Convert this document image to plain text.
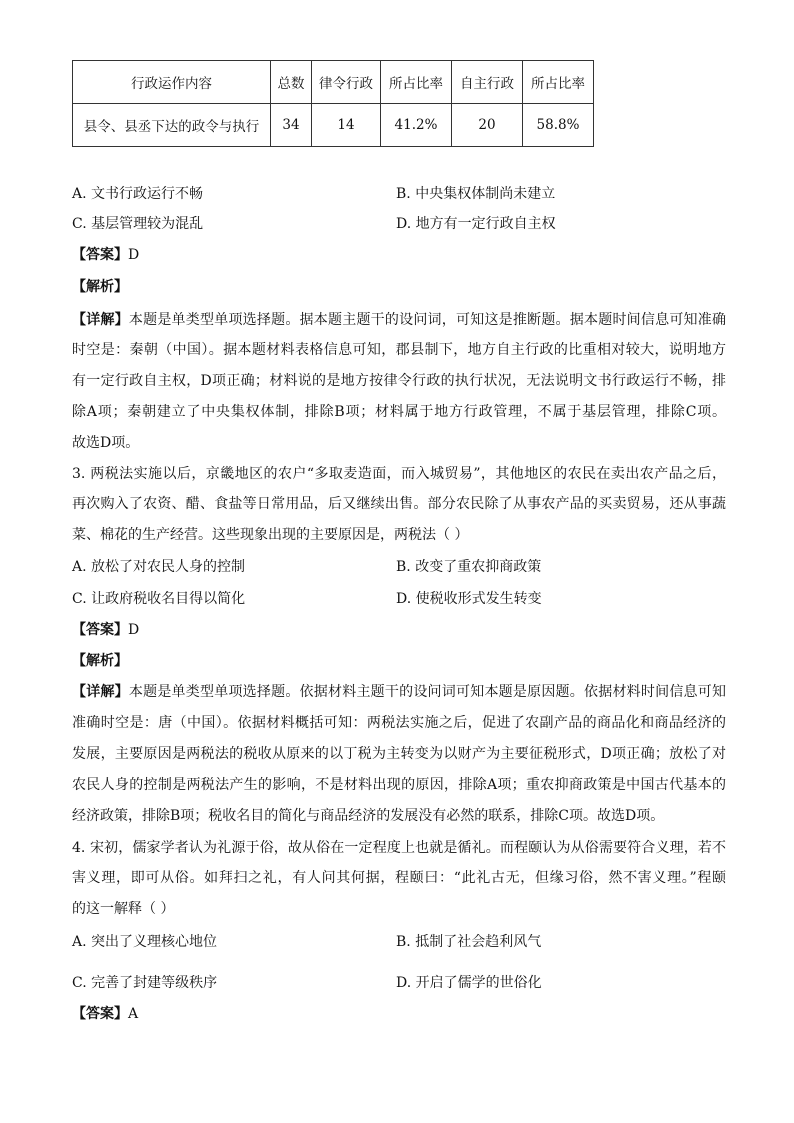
行政运作内容	总数	律令行政	所占比率	自主行政	所占比率
县令、县丞下达的政令与执行	34	14	41.2%	20	58.8%
A. 文书行政运行不畅	B. 中央集权体制尚未建立
C. 基层管理较为混乱	D. 地方有一定行政自主权
【答案】D
【解析】
【详解】本题是单类型单项选择题。据本题主题干的设问词，可知这是推断题。据本题时间信息可知准确
时空是：秦朝（中国）。据本题材料表格信息可知，郡县制下，地方自主行政的比重相对较大，说明地方
有一定行政自主权，D项正确；材料说的是地方按律令行政的执行状况，无法说明文书行政运行不畅，排
除A项；秦朝建立了中央集权体制，排除B项；材料属于地方行政管理，不属于基层管理，排除C项。
故选D项。
3. 两税法实施以后，京畿地区的农户“多取麦造面，而入城贸易”，其他地区的农民在卖出农产品之后，
再次购入了农资、醋、食盐等日常用品，后又继续出售。部分农民除了从事农产品的买卖贸易，还从事蔬
菜、棉花的生产经营。这些现象出现的主要原因是，两税法（ ）
A. 放松了对农民人身的控制	B. 改变了重农抑商政策
C. 让政府税收名目得以简化	D. 使税收形式发生转变
【答案】D
【解析】
【详解】本题是单类型单项选择题。依据材料主题干的设问词可知本题是原因题。依据材料时间信息可知
准确时空是：唐（中国）。依据材料概括可知：两税法实施之后，促进了农副产品的商品化和商品经济的
发展，主要原因是两税法的税收从原来的以丁税为主转变为以财产为主要征税形式，D项正确；放松了对
农民人身的控制是两税法产生的影响，不是材料出现的原因，排除A项；重农抑商政策是中国古代基本的
经济政策，排除B项；税收名目的简化与商品经济的发展没有必然的联系，排除C项。故选D项。
4. 宋初，儒家学者认为礼源于俗，故从俗在一定程度上也就是循礼。而程颐认为从俗需要符合义理，若不
害义理，即可从俗。如拜扫之礼，有人问其何据，程颐曰：“此礼古无，但缘习俗，然不害义理。”程颐
的这一解释（ ）
A. 突出了义理核心地位	B. 抵制了社会趋利风气
C. 完善了封建等级秩序	D. 开启了儒学的世俗化
【答案】A
